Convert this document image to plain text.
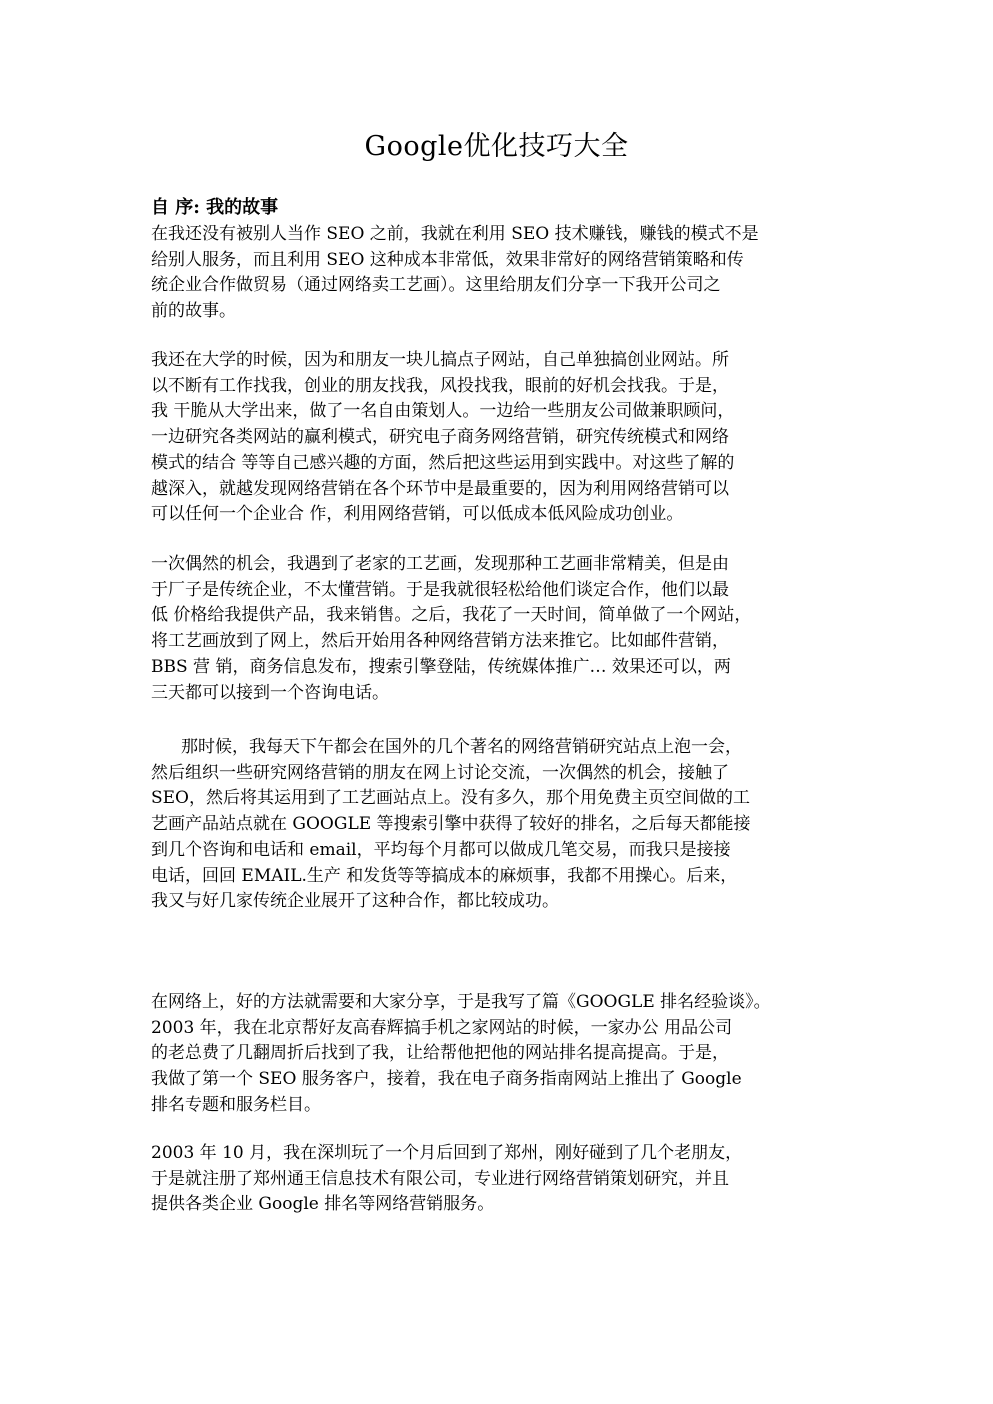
Google优化技巧大全
自 序: 我的故事
在我还没有被别人当作 SEO 之前，我就在利用 SEO 技术赚钱，赚钱的模式不是
给别人服务，而且利用 SEO 这种成本非常低，效果非常好的网络营销策略和传
统企业合作做贸易（通过网络卖工艺画）。这里给朋友们分享一下我开公司之
前的故事。
我还在大学的时候，因为和朋友一块儿搞点子网站，自己单独搞创业网站。所
以不断有工作找我，创业的朋友找我，风投找我，眼前的好机会找我。于是，
我 干脆从大学出来，做了一名自由策划人。一边给一些朋友公司做兼职顾问，
一边研究各类网站的赢利模式，研究电子商务网络营销，研究传统模式和网络
模式的结合 等等自己感兴趣的方面，然后把这些运用到实践中。对这些了解的
越深入，就越发现网络营销在各个环节中是最重要的，因为利用网络营销可以
可以任何一个企业合 作，利用网络营销，可以低成本低风险成功创业。
一次偶然的机会，我遇到了老家的工艺画，发现那种工艺画非常精美，但是由
于厂子是传统企业，不太懂营销。于是我就很轻松给他们谈定合作，他们以最
低 价格给我提供产品，我来销售。之后，我花了一天时间，简单做了一个网站，
将工艺画放到了网上，然后开始用各种网络营销方法来推它。比如邮件营销，
BBS 营 销，商务信息发布，搜索引擎登陆，传统媒体推广… 效果还可以，两
三天都可以接到一个咨询电话。
那时候，我每天下午都会在国外的几个著名的网络营销研究站点上泡一会，
然后组织一些研究网络营销的朋友在网上讨论交流，一次偶然的机会，接触了
SEO，然后将其运用到了工艺画站点上。没有多久，那个用免费主页空间做的工
艺画产品站点就在 GOOGLE 等搜索引擎中获得了较好的排名，之后每天都能接
到几个咨询和电话和 email，平均每个月都可以做成几笔交易，而我只是接接
电话，回回 EMAIL.生产 和发货等等搞成本的麻烦事，我都不用操心。后来，
我又与好几家传统企业展开了这种合作，都比较成功。
在网络上，好的方法就需要和大家分享，于是我写了篇《GOOGLE 排名经验谈》。
2003 年，我在北京帮好友高春辉搞手机之家网站的时候，一家办公 用品公司
的老总费了几翻周折后找到了我，让给帮他把他的网站排名提高提高。于是，
我做了第一个 SEO 服务客户，接着，我在电子商务指南网站上推出了 Google
排名专题和服务栏目。
2003 年 10 月，我在深圳玩了一个月后回到了郑州，刚好碰到了几个老朋友，
于是就注册了郑州通王信息技术有限公司，专业进行网络营销策划研究，并且
提供各类企业 Google 排名等网络营销服务。
